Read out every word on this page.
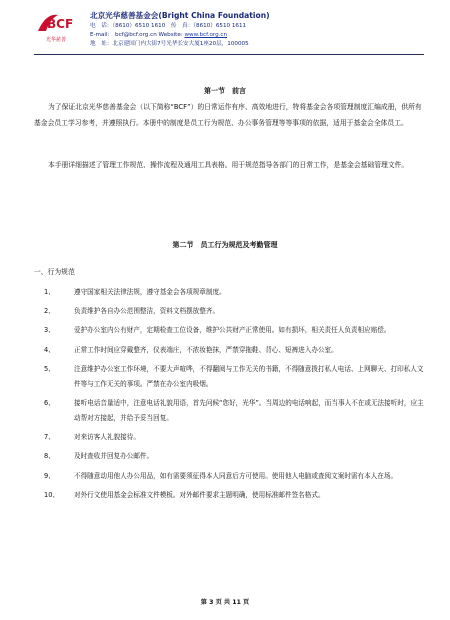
BCF
光华慈善
北京光华慈善基金会(Bright China Foundation)
电　话：（8610）6510 1610　传　真：（8610）6510 1611
E-mail:　bcf@bcf.org.cn Website: www.bcf.org.cn
地　址：北京建国门内大街7号光华长安大厦1座20层，100005
第一节　前言
为了保证北京光华慈善基金会（以下简称“BCF”）的日常运作有序、高效地进行，特将基金会各项管理制度汇编成册，供所有基金会员工学习参考，并遵照执行。本册中的制度是员工行为规范、办公事务管理等等事项的依据，适用于基金会全体员工。
本手册详细描述了管理工作规范、操作流程及通用工具表格。用于规范指导各部门的日常工作，是基金会基础管理文件。
第二节　员工行为规范及考勤管理
一、行为规范
1、	遵守国家相关法律法规，遵守基金会各项规章制度。
2、	负责维护各自办公范围整洁，资料文档摆放整齐。
3、	爱护办公室内公有财产，定期检查工位设备，维护公共财产正常使用。如有损坏，相关责任人负责相应赔偿。
4、	正常工作时间应穿戴整齐，仪表端庄，不浓妆艳抹，严禁穿拖鞋、背心、短裤进入办公室。
5、	注意维护办公室工作环境，不要大声喧哗，不得翻阅与工作无关的书籍，不得随意拨打私人电话、上网聊天、打印私人文件等与工作无关的事项。严禁在办公室内吸烟。
6、	接听电话音量适中，注意电话礼貌用语，首先问候“您好，光华”。当周边的电话响起，而当事人不在或无法接听时，应主动帮对方接起，并给予妥当回复。
7、	对来访客人礼貌接待。
8、	及时查收并回复办公邮件。
9、	不得随意动用他人办公用品，如有需要须征得本人同意后方可使用。使用他人电脑或查阅文案时需有本人在场。
10、 对外行文使用基金会标准文件模板。对外邮件要求主题明确，使用标准邮件签名格式。
第 3 页 共 11 页
